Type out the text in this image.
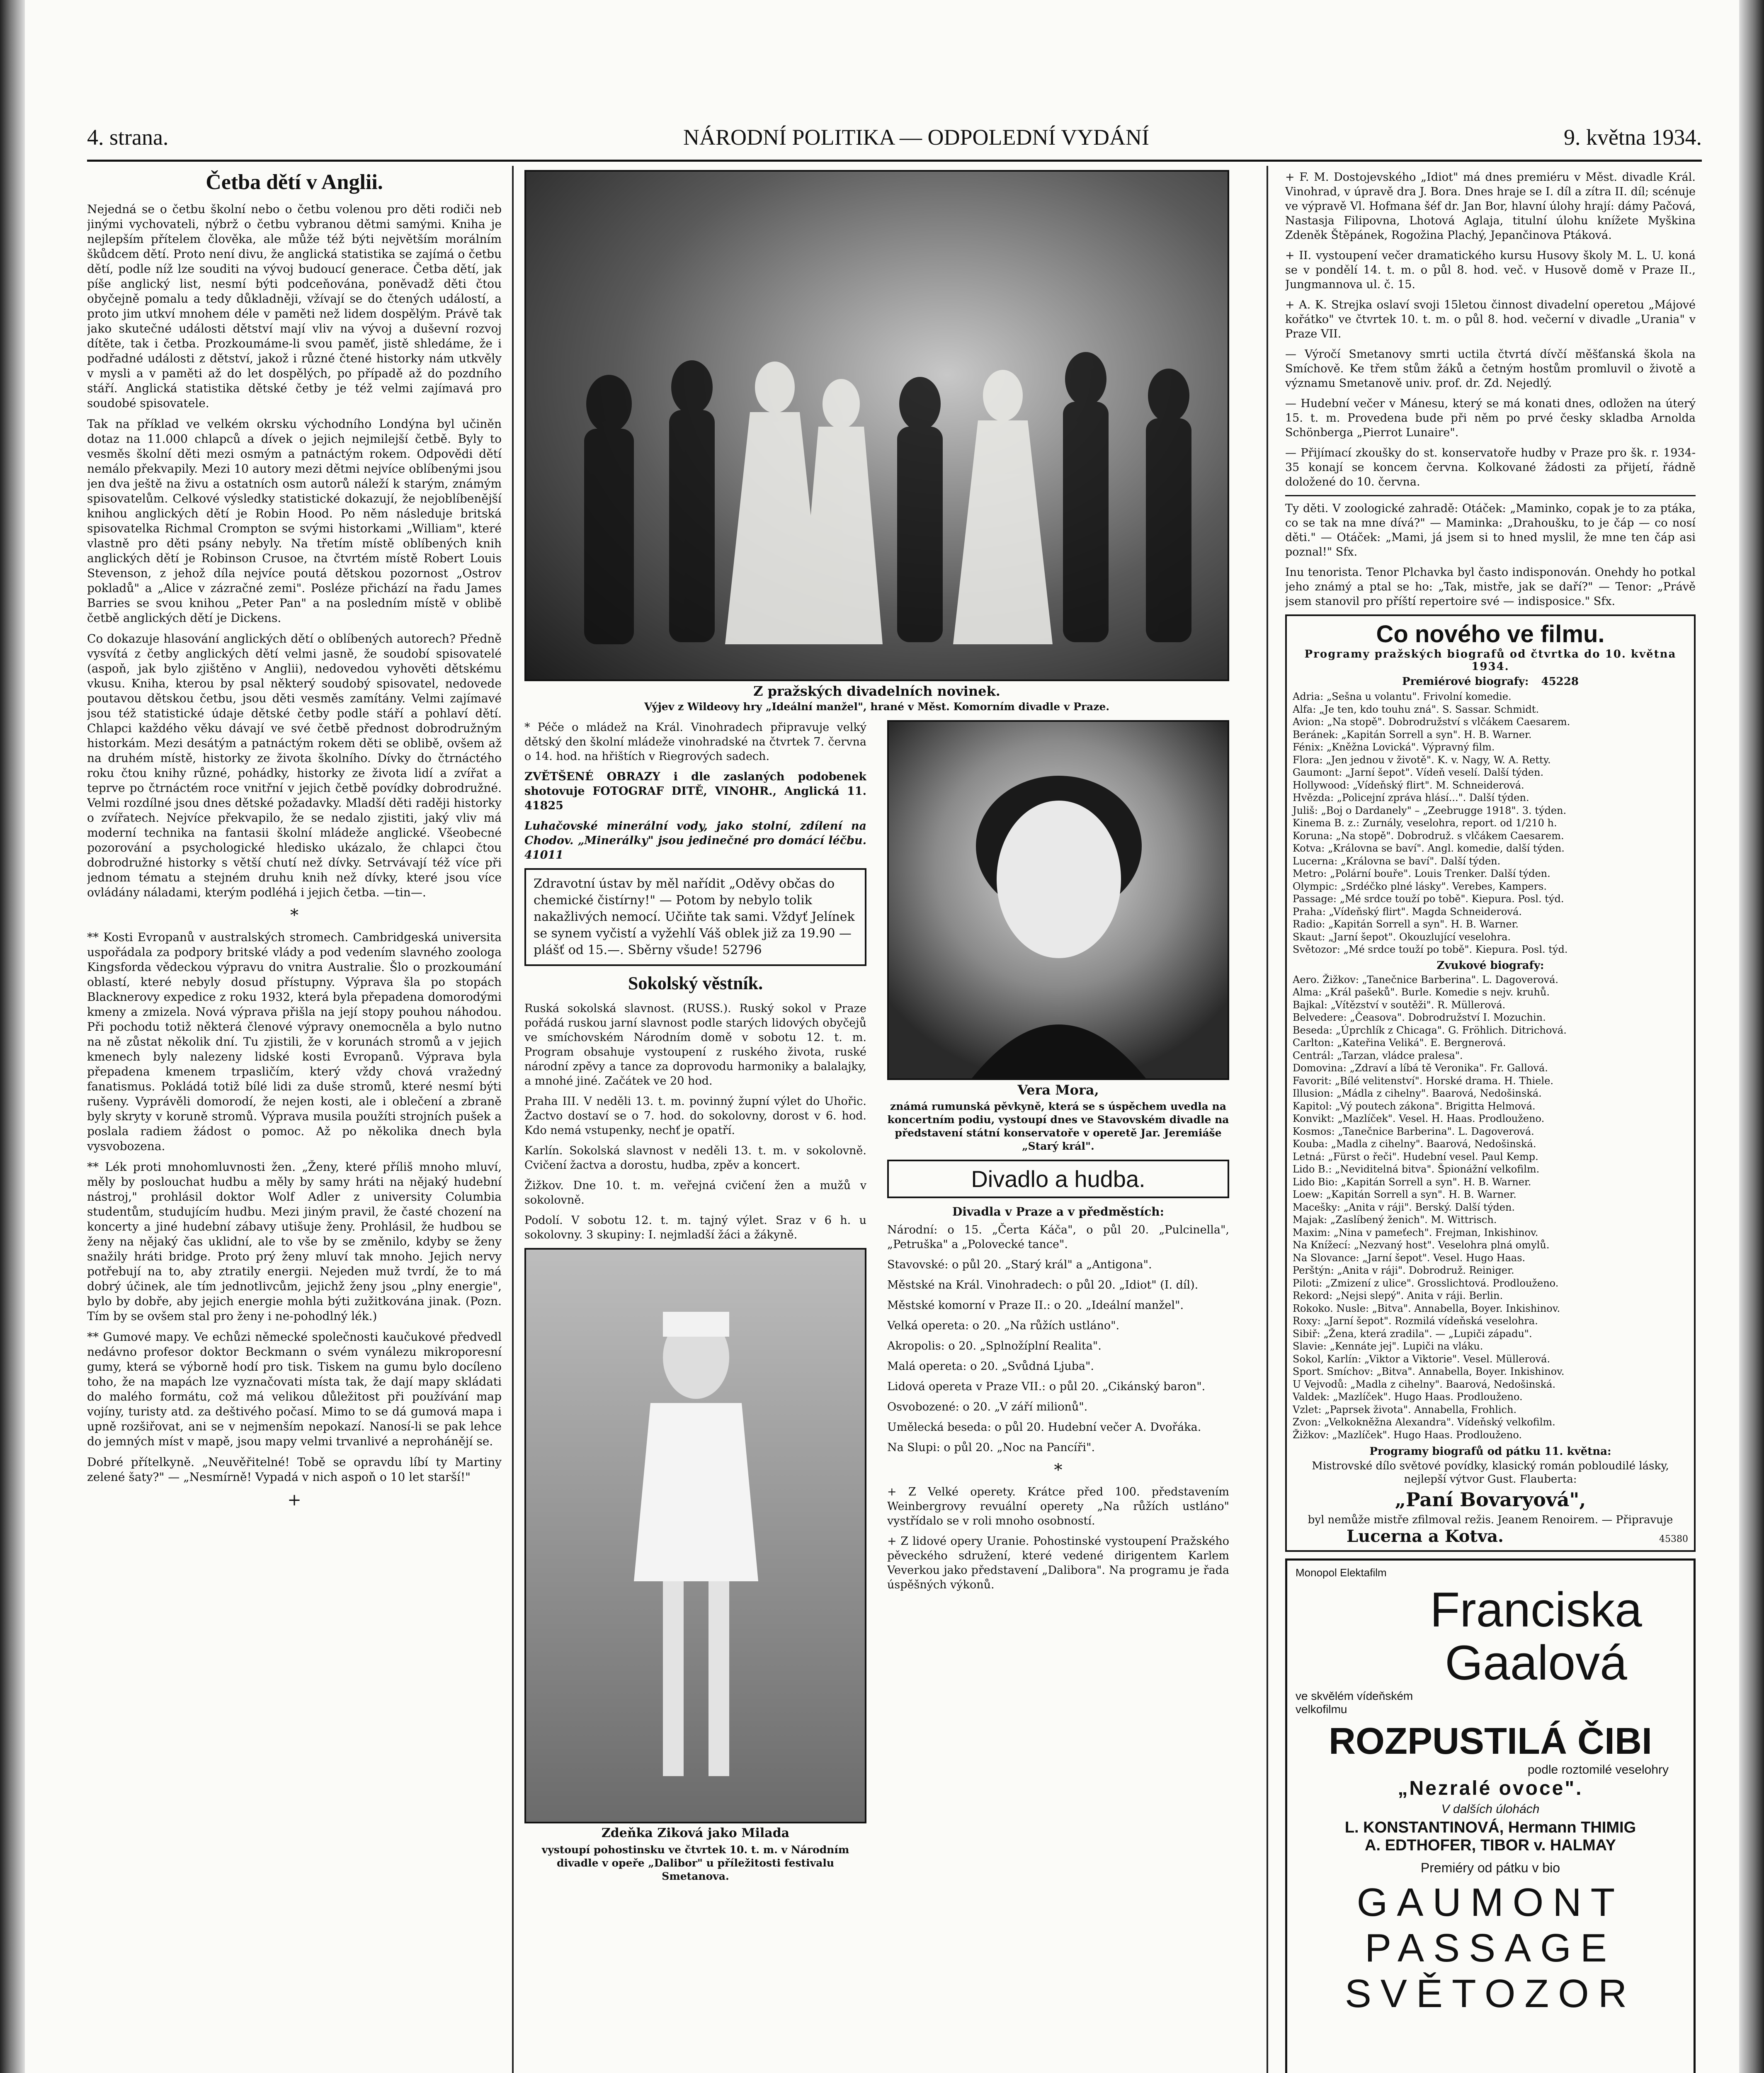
4. strana.	NÁRODNÍ POLITIKA — ODPOLEDNÍ VYDÁNÍ	9. května 1934.
Četba dětí v Anglii.

Nejedná se o četbu školní nebo o četbu volenou pro děti rodiči neb jinými vychovateli, nýbrž o četbu vybranou dětmi samými. Kniha je nejlepším přítelem člověka, ale může též býti největším morálním škůdcem dětí. Proto není divu, že anglická statistika se zajímá o četbu dětí, podle níž lze souditi na vývoj budoucí generace. Četba dětí, jak píše anglický list, nesmí býti podceňována, poněvadž děti čtou obyčejně pomalu a tedy důkladněji, vžívají se do čtených událostí, a proto jim utkví mnohem déle v paměti než lidem dospělým. Právě tak jako skutečné události dětství mají vliv na vývoj a duševní rozvoj dítěte, tak i četba. Prozkoumáme-li svou paměť, jistě shledáme, že i podřadné události z dětství, jakož i různé čtené historky nám utkvěly v mysli a v paměti až do let dospělých, po případě až do pozdního stáří. Anglická statistika dětské četby je též velmi zajímavá pro soudobé spisovatele.

Tak na příklad ve velkém okrsku východního Londýna byl učiněn dotaz na 11.000 chlapců a dívek o jejich nejmilejší četbě. Byly to vesměs školní děti mezi osmým a patnáctým rokem. Odpovědi dětí nemálo překvapily. Mezi 10 autory mezi dětmi nejvíce oblíbenými jsou jen dva ještě na živu a ostatních osm autorů náleží k starým, známým spisovatelům. Celkové výsledky statistické dokazují, že nejoblíbenější knihou anglických dětí je Robin Hood. Po něm následuje britská spisovatelka Richmal Crompton se svými historkami „William", které vlastně pro děti psány nebyly. Na třetím místě oblíbených knih anglických dětí je Robinson Crusoe, na čtvrtém místě Robert Louis Stevenson, z jehož díla nejvíce poutá dětskou pozornost „Ostrov pokladů" a „Alice v zázračné zemi". Posléze přichází na řadu James Barries se svou knihou „Peter Pan" a na posledním místě v oblibě četbě anglických dětí je Dickens.

Co dokazuje hlasování anglických dětí o oblíbených autorech? Předně vysvítá z četby anglických dětí velmi jasně, že soudobí spisovatelé (aspoň, jak bylo zjištěno v Anglii), nedovedou vyhověti dětskému vkusu. Kniha, kterou by psal některý soudobý spisovatel, nedovede poutavou dětskou četbu, jsou děti vesměs zamítány. Velmi zajímavé jsou též statistické údaje dětské četby podle stáří a pohlaví dětí. Chlapci každého věku dávají ve své četbě přednost dobrodružným historkám. Mezi desátým a patnáctým rokem děti se oblibě, ovšem až na druhém místě, historky ze života školního. Dívky do čtrnáctého roku čtou knihy různé, pohádky, historky ze života lidí a zvířat a teprve po čtrnáctém roce vnitřní v jejich četbě povídky dobrodružné. Velmi rozdílné jsou dnes dětské požadavky. Mladší děti raději historky o zvířatech. Nejvíce překvapilo, že se nedalo zjistiti, jaký vliv má moderní technika na fantasii školní mládeže anglické. Všeobecné pozorování a psychologické hledisko ukázalo, že chlapci čtou dobrodružné historky s větší chutí než dívky. Setrvávají též více při jednom tématu a stejném druhu knih než dívky, které jsou více ovládány náladami, kterým podléhá i jejich četba. —tin—.

*

** Kosti Evropanů v australských stromech. Cambridgeská universita uspořádala za podpory britské vlády a pod vedením slavného zoologa Kingsforda vědeckou výpravu do vnitra Australie. Šlo o prozkoumání oblastí, které nebyly dosud přístupny. Výprava šla po stopách Blacknerovy expedice z roku 1932, která byla přepadena domorodými kmeny a zmizela. Nová výprava přišla na její stopy pouhou náhodou. Při pochodu totiž některá členové výpravy onemocněla a bylo nutno na ně zůstat několik dní. Tu zjistili, že v korunách stromů a v jejich kmenech byly nalezeny lidské kosti Evropanů. Výprava byla přepadena kmenem trpasličím, který vždy chová vražedný fanatismus. Pokládá totiž bílé lidi za duše stromů, které nesmí býti rušeny. Vyprávěli domorodí, že nejen kosti, ale i oblečení a zbraně byly skryty v koruně stromů. Výprava musila použíti strojních pušek a poslala radiem žádost o pomoc. Až po několika dnech byla vysvobozena.

** Lék proti mnohomluvnosti žen. „Ženy, které příliš mnoho mluví, měly by poslouchat hudbu a měly by samy hráti na nějaký hudební nástroj," prohlásil doktor Wolf Adler z university Columbia studentům, studujícím hudbu. Mezi jiným pravil, že časté chození na koncerty a jiné hudební zábavy utišuje ženy. Prohlásil, že hudbou se ženy na nějaký čas uklidní, ale to vše by se změnilo, kdyby se ženy snažily hráti bridge. Proto prý ženy mluví tak mnoho. Jejich nervy potřebují na to, aby ztratily energii. Nejeden muž tvrdí, že to má dobrý účinek, ale tím jednotlivcům, jejichž ženy jsou „plny energie", bylo by dobře, aby jejich energie mohla býti zužitkována jinak. (Pozn. Tím by se ovšem stal pro ženy i ne-pohodlný lék.)

** Gumové mapy. Ve echůzi německé společnosti kaučukové předvedl nedávno profesor doktor Beckmann o svém vynálezu mikroporesní gumy, která se výborně hodí pro tisk. Tiskem na gumu bylo docíleno toho, že na mapách lze vyznačovati místa tak, že dají mapy skládati do malého formátu, což má velikou důležitost při používání map vojíny, turisty atd. za deštivého počasí. Mimo to se dá gumová mapa i upně rozšiřovat, ani se v nejmenším nepokazí. Nanosí-li se pak lehce do jemných míst v mapě, jsou mapy velmi trvanlivé a neprohánějí se.

Dobré přítelkyně. „Neuvěřitelné! Tobě se opravdu líbí ty Martiny zelené šaty?" — „Nesmírně! Vypadá v nich aspoň o 10 let starší!"

+
Z pražských divadelních novinek.
Výjev z Wildeovy hry „Ideální manžel", hrané v Měst. Komorním divadle v Praze.

* Péče o mládež na Král. Vinohradech připravuje velký dětský den školní mládeže vinohradské na čtvrtek 7. června o 14. hod. na hřištích v Riegrových sadech.

ZVĚTŠENÉ OBRAZY i dle zaslaných podobenek shotovuje FOTOGRAF DITĚ, VINOHR., Anglická 11. 41825

Luhačovské minerální vody, jako stolní, zdílení na Chodov. „Minerálky" jsou jedinečné pro domácí léčbu. 41011

Zdravotní ústav by měl nařídit „Oděvy občas do chemické čistírny!" — Potom by nebylo tolik nakažlivých nemocí. Učiňte tak sami. Vždyť Jelínek se synem vyčistí a vyžehlí Váš oblek již za 19.90 — plášť od 15.—. Sběrny všude! 52796
Sokolský věstník.

Ruská sokolská slavnost. (RUSS.). Ruský sokol v Praze pořádá ruskou jarní slavnost podle starých lidových obyčejů ve smíchovském Národním domě v sobotu 12. t. m. Program obsahuje vystoupení z ruského života, ruské národní zpěvy a tance za doprovodu harmoniky a balalajky, a mnohé jiné. Začátek ve 20 hod.

Praha III. V neděli 13. t. m. povinný župní výlet do Uhořic. Žactvo dostaví se o 7. hod. do sokolovny, dorost v 6. hod. Kdo nemá vstupenky, nechť je opatří.

Karlín. Sokolská slavnost v neděli 13. t. m. v sokolovně. Cvičení žactva a dorostu, hudba, zpěv a koncert.

Žižkov. Dne 10. t. m. veřejná cvičení žen a mužů v sokolovně.

Podolí. V sobotu 12. t. m. tajný výlet. Sraz v 6 h. u sokolovny. 3 skupiny: I. nejmladší žáci a žákyně.

Zdeňka Ziková jako Milada
vystoupí pohostinsku ve čtvrtek 10. t. m. v Národním divadle v opeře „Dalibor" u příležitosti festivalu Smetanova.
Vera Mora,
známá rumunská pěvkyně, která se s úspěchem uvedla na koncertním podiu, vystoupí dnes ve Stavovském divadle na představení státní konservatoře v operetě Jar. Jeremiáše „Starý král".
Divadlo a hudba.
Divadla v Praze a v předměstích:

Národní: o 15. „Čerta Káča", o půl 20. „Pulcinella", „Petruška" a „Polovecké tance".

Stavovské: o půl 20. „Starý král" a „Antigona".

Městské na Král. Vinohradech: o půl 20. „Idiot" (I. díl).

Městské komorní v Praze II.: o 20. „Ideální manžel".

Velká opereta: o 20. „Na růžích ustláno".

Akropolis: o 20. „Splnožíplní Realita".

Malá opereta: o 20. „Svůdná Ljuba".

Lidová opereta v Praze VII.: o půl 20. „Cikánský baron".

Osvobozené: o 20. „V září milionů".

Umělecká beseda: o půl 20. Hudební večer A. Dvořáka.

Na Slupi: o půl 20. „Noc na Pancíři".

*

+ Z Velké operety. Krátce před 100. představením Weinbergrovy revuální operety „Na růžích ustláno" vystřídalo se v roli mnoho osobností.

+ Z lidové opery Uranie. Pohostinské vystoupení Pražského pěveckého sdružení, které vedené dirigentem Karlem Veverkou jako představení „Dalibora". Na programu je řada úspěšných výkonů.

+ F. M. Dostojevského „Idiot" má dnes premiéru v Měst. divadle Král. Vinohrad, v úpravě dra J. Bora. Dnes hraje se I. díl a zítra II. díl; scénuje ve výpravě Vl. Hofmana šéf dr. Jan Bor, hlavní úlohy hrají: dámy Pačová, Nastasja Filipovna, Lhotová Aglaja, titulní úlohu knížete Myškina Zdeněk Štěpánek, Rogožina Plachý, Jepančinova Ptáková.

+ II. vystoupení večer dramatického kursu Husovy školy M. L. U. koná se v pondělí 14. t. m. o půl 8. hod. več. v Husově domě v Praze II., Jungmannova ul. č. 15.

+ A. K. Strejka oslaví svoji 15letou činnost divadelní operetou „Májové kořátko" ve čtvrtek 10. t. m. o půl 8. hod. večerní v divadle „Urania" v Praze VII.

— Výročí Smetanovy smrti uctila čtvrtá dívčí měšťanská škola na Smíchově. Ke třem stům žáků a četným hostům promluvil o životě a významu Smetanově univ. prof. dr. Zd. Nejedlý.

— Hudební večer v Mánesu, který se má konati dnes, odložen na úterý 15. t. m. Provedena bude při něm po prvé česky skladba Arnolda Schönberga „Pierrot Lunaire".

— Přijímací zkoušky do st. konservatoře hudby v Praze pro šk. r. 1934-35 konají se koncem června. Kolkované žádosti za přijetí, řádně doložené do 10. června.

Ty děti. V zoologické zahradě: Otáček: „Maminko, copak je to za ptáka, co se tak na mne dívá?" — Maminka: „Drahoušku, to je čáp — co nosí děti." — Otáček: „Mami, já jsem si to hned myslil, že mne ten čáp asi poznal!" Sfx.

Inu tenorista. Tenor Plchavka byl často indisponován. Onehdy ho potkal jeho známý a ptal se ho: „Tak, mistře, jak se daří?" — Tenor: „Právě jsem stanovil pro příští repertoire své — indisposice." Sfx.

Co nového ve filmu.
Programy pražských biografů od čtvrtka do 10. května 1934.
Premiérové biografy: 45228

Adria: „Sešna u volantu". Frivolní komedie.

Alfa: „Je ten, kdo touhu zná". S. Sassar. Schmidt.

Avion: „Na stopě". Dobrodružství s vlčákem Caesarem.

Beránek: „Kapitán Sorrell a syn". H. B. Warner.

Fénix: „Kněžna Lovická". Výpravný film.

Flora: „Jen jednou v životě". K. v. Nagy, W. A. Retty.

Gaumont: „Jarní šepot". Vídeň veselí. Další týden.

Hollywood: „Vídeňský flirt". M. Schneiderová.

Hvězda: „Policejní zpráva hlásí...". Další týden.

Juliš: „Boj o Dardanely" – „Zeebrugge 1918". 3. týden.

Kinema B. z.: Zurnály, veselohra, report. od 1/210 h.

Koruna: „Na stopě". Dobrodruž. s vlčákem Caesarem.

Kotva: „Královna se baví". Angl. komedie, další týden.

Lucerna: „Královna se baví". Další týden.

Metro: „Polární bouře". Louis Trenker. Další týden.

Olympic: „Srdéčko plné lásky". Verebes, Kampers.

Passage: „Mé srdce touží po tobě". Kiepura. Posl. týd.

Praha: „Vídeňský flirt". Magda Schneiderová.

Radio: „Kapitán Sorrell a syn". H. B. Warner.

Skaut: „Jarní šepot". Okouzlující veselohra.

Světozor: „Mé srdce touží po tobě". Kiepura. Posl. týd.

Zvukové biografy:

Aero. Žižkov: „Tanečnice Barberina". L. Dagoverová.

Alma: „Král pašeků". Burle. Komedie s nejv. kruhů.

Bajkal: „Vítězství v soutěži". R. Müllerová.

Belvedere: „Čeasova". Dobrodružství I. Mozuchin.

Beseda: „Úprchlík z Chicaga". G. Fröhlich. Ditrichová.

Carlton: „Kateřina Veliká". E. Bergnerová.

Centrál: „Tarzan, vládce pralesa".

Domovina: „Zdraví a líbá tě Veronika". Fr. Gallová.

Favorit: „Bílé velitenství". Horské drama. H. Thiele.

Illusion: „Mádla z cihelny". Baarová, Nedošinská.

Kapitol: „Vý poutech zákona". Brigitta Helmová.

Konvikt: „Mazlíček". Vesel. H. Haas. Prodlouženo.

Kosmos: „Tanečnice Barberina". L. Dagoverová.

Kouba: „Madla z cihelny". Baarová, Nedošinská.

Letná: „Fürst o řeči". Hudební vesel. Paul Kemp.

Lido B.: „Neviditelná bitva". Špionážní velkofilm.

Lido Bio: „Kapitán Sorrell a syn". H. B. Warner.

Loew: „Kapitán Sorrell a syn". H. B. Warner.

Macešky: „Anita v ráji". Berský. Další týden.

Majak: „Zaslíbený ženich". M. Wittrisch.

Maxim: „Nina v pameťech". Frejman, Inkishinov.

Na Knížecí: „Nezvaný host". Veselohra plná omylů.

Na Slovance: „Jarní šepot". Vesel. Hugo Haas.

Perštýn: „Anita v ráji". Dobrodruž. Reiniger.

Piloti: „Zmizení z ulice". Grosslichtová. Prodlouženo.

Rekord: „Nejsi slepý". Anita v ráji. Berlin.

Rokoko. Nusle: „Bitva". Annabella, Boyer. Inkishinov.

Roxy: „Jarní šepot". Rozmilá vídeňská veselohra.

Sibiř: „Žena, která zradila". — „Lupiči západu".

Slavie: „Kennáte jej". Lupiči na vláku.

Sokol, Karlín: „Viktor a Viktorie". Vesel. Müllerová.

Sport. Smíchov: „Bitva". Annabella, Boyer. Inkishinov.

U Vejvodů: „Madla z cihelny". Baarová, Nedošinská.

Valdek: „Mazlíček". Hugo Haas. Prodlouženo.

Vzlet: „Paprsek života". Annabella, Frohlich.

Zvon: „Velkokněžna Alexandra". Vídeňský velkofilm.

Žižkov: „Mazlíček". Hugo Haas. Prodlouženo.

Programy biografů od pátku 11. května:
Mistrovské dílo světové povídky, klasický román pobloudilé lásky, nejlepší výtvor Gust. Flauberta:
„Paní Bovaryová",
byl nemůže mistře zfilmoval režis. Jeanem Renoirem. — Připravuje
Lucerna a Kotva.	45380
Monopol Elektafilm
Franciska Gaalová
ve skvělém vídeňském velkofilmu
ROZPUSTILÁ ČIBI
podle roztomilé veselohry
„Nezralé ovoce".
V dalších úlohách
L. KONSTANTINOVÁ, Hermann THIMIG
A. EDTHOFER, TIBOR v. HALMAY
Premiéry od pátku v bio
GAUMONT
PASSAGE
SVĚTOZOR
